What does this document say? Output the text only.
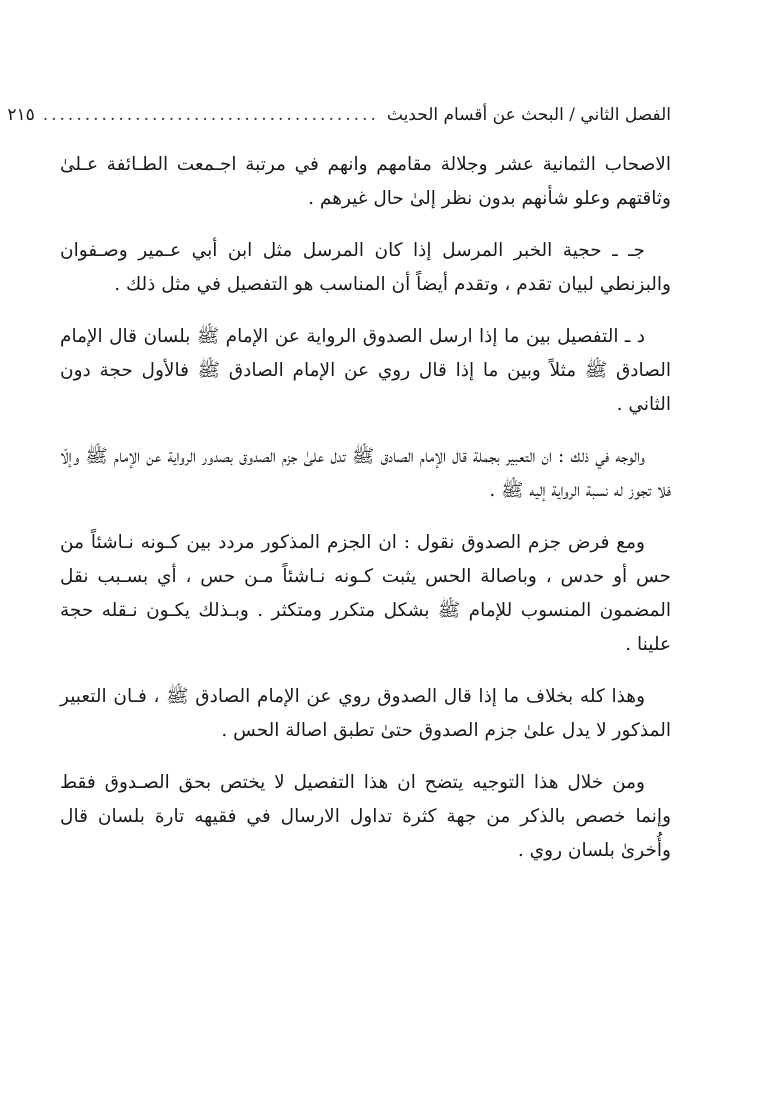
الفصل الثاني / البحث عن أقسام الحديث
........................................
٢١٥

الاصحاب الثمانية عشر وجلالة مقامهم وانهم في مرتبة اجـمعت الطـائفة عـلىٰ وثاقتهم وعلو شأنهم بدون نظر إلىٰ حال غيرهم .

جـ ـ حجية الخبر المرسل إذا كان المرسل مثل ابن أبي عـمير وصـفوان والبزنطي لبيان تقدم ، وتقدم أيضاً أن المناسب هو التفصيل في مثل ذلك .

د ـ التفصيل بين ما إذا ارسل الصدوق الرواية عن الإمام ﷺ بلسان قال الإمام الصادق ﷺ مثلاً وبين ما إذا قال روي عن الإمام الصادق ﷺ فالأول حجة دون الثاني .

والوجه في ذلك : ان التعبير بجملة قال الإمام الصادق ﷺ تدل علىٰ جزم الصدوق بصدور الرواية عن الإمام ﷺ وإلّا فلا تجوز له نسبة الرواية إليه ﷺ .

ومع فرض جزم الصدوق نقول : ان الجزم المذكور مردد بين كـونه نـاشئاً من حس أو حدس ، وباصالة الحس يثبت كـونه نـاشئاً مـن حس ، أي بسـبب نقل المضمون المنسوب للإمام ﷺ بشكل متكرر ومتكثر . وبـذلك يكـون نـقله حجة علينا .

وهذا كله بخلاف ما إذا قال الصدوق روي عن الإمام الصادق ﷺ ، فـان التعبير المذكور لا يدل علىٰ جزم الصدوق حتىٰ تطبق اصالة الحس .

ومن خلال هذا التوجيه يتضح ان هذا التفصيل لا يختص بحق الصـدوق فقط وإنما خصص بالذكر من جهة كثرة تداول الارسال في فقيهه تارة بلسان قال وأُخرىٰ بلسان روي .
